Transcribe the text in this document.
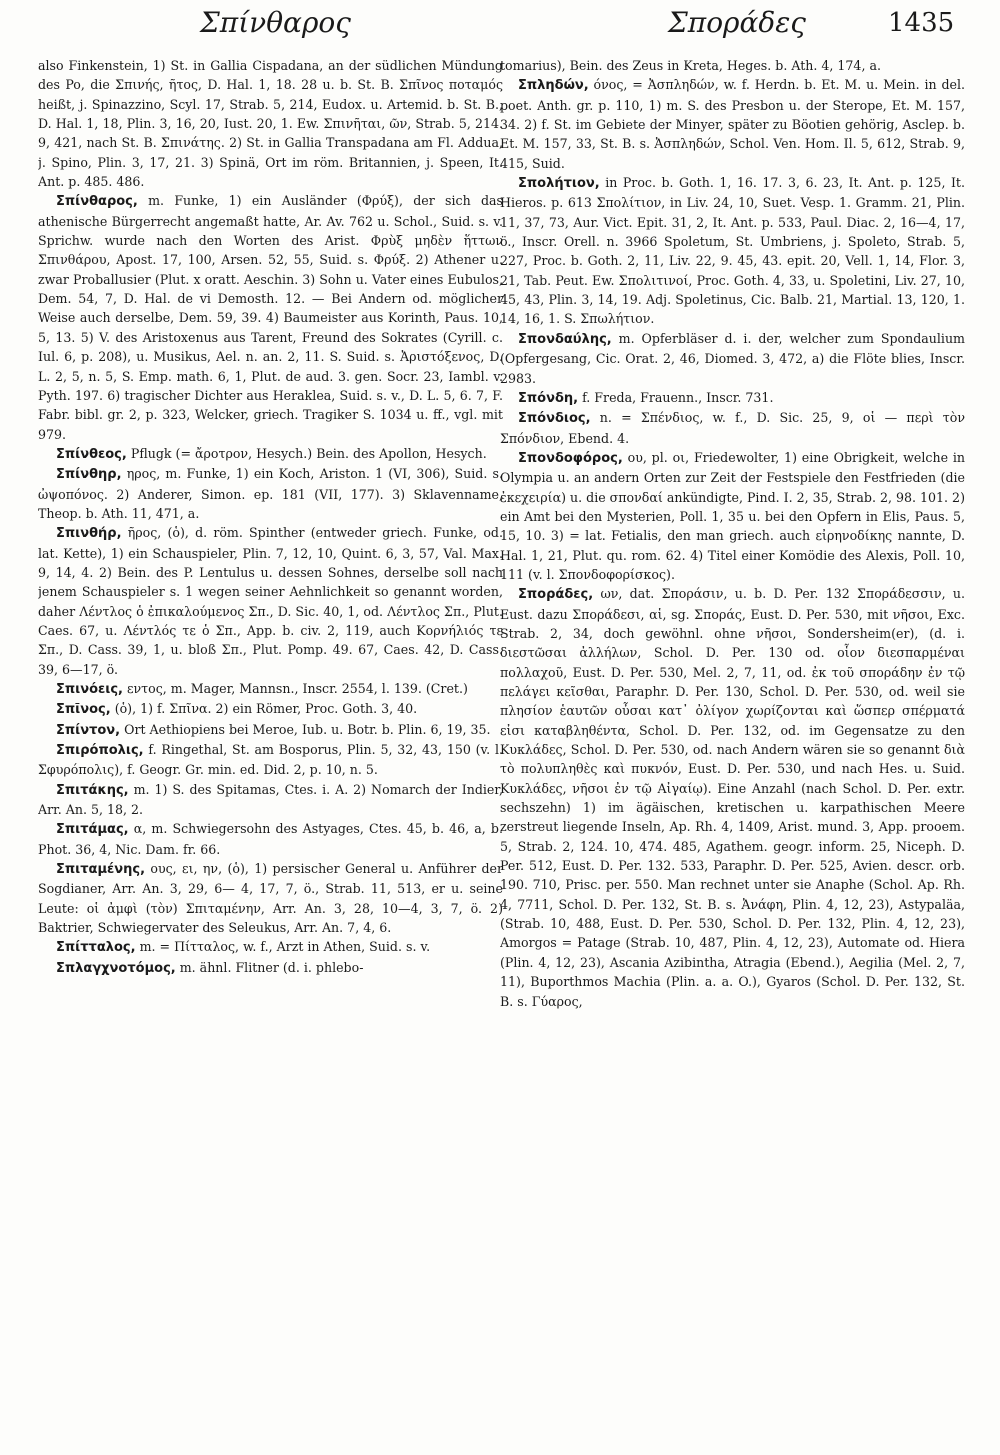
Σπίνθαρος	Σποράδες	1435

also Finkenstein, 1) St. in Gallia Cispadana, an der südlichen Mündung des Po, die Σπινής, ῆτος, D. Hal. 1, 18. 28 u. b. St. B. Σπῖνος ποταμός heißt, j. Spinazzino, Scyl. 17, Strab. 5, 214, Eudox. u. Artemid. b. St. B., D. Hal. 1, 18, Plin. 3, 16, 20, Iust. 20, 1. Ew. Σπινῆται, ῶν, Strab. 5, 214. 9, 421, nach St. B. Σπινάτης. 2) St. in Gallia Transpadana am Fl. Addua, j. Spino, Plin. 3, 17, 21. 3) Spinä, Ort im röm. Britannien, j. Speen, It. Ant. p. 485. 486.

Σπίνθαρος, m. Funke, 1) ein Ausländer (Φρύξ), der sich das athenische Bürgerrecht angemaßt hatte, Ar. Av. 762 u. Schol., Suid. s. v. Sprichw. wurde nach den Worten des Arist. Φρὺξ μηδὲν ἥττων Σπινθάρου, Apost. 17, 100, Arsen. 52, 55, Suid. s. Φρύξ. 2) Athener u. zwar Proballusier (Plut. x oratt. Aeschin. 3) Sohn u. Vater eines Eubulos, Dem. 54, 7, D. Hal. de vi Demosth. 12. — Bei Andern od. möglicher Weise auch derselbe, Dem. 59, 39. 4) Baumeister aus Korinth, Paus. 10, 5, 13. 5) V. des Aristoxenus aus Tarent, Freund des Sokrates (Cyrill. c. Iul. 6, p. 208), u. Musikus, Ael. n. an. 2, 11. S. Suid. s. Ἀριστόξενος, D. L. 2, 5, n. 5, S. Emp. math. 6, 1, Plut. de aud. 3. gen. Socr. 23, Iambl. v. Pyth. 197. 6) tragischer Dichter aus Herakleа, Suid. s. v., D. L. 5, 6. 7, F. Fabr. bibl. gr. 2, p. 323, Welcker, griech. Tragiker S. 1034 u. ff., vgl. mit 979.

Σπίνθεος, Pflugk (= ἄροτρον, Hesych.) Bein. des Apollon, Hesych.

Σπίνθηρ, ηρος, m. Funke, 1) ein Koch, Ariston. 1 (VI, 306), Suid. s. ὠψοπόνος. 2) Anderer, Simon. ep. 181 (VII, 177). 3) Sklavenname, Theop. b. Ath. 11, 471, a.

Σπινθήρ, ῆρος, (ὁ), d. röm. Spinther (entweder griech. Funke, od. lat. Kette), 1) ein Schauspieler, Plin. 7, 12, 10, Quint. 6, 3, 57, Val. Max. 9, 14, 4. 2) Bein. des P. Lentulus u. dessen Sohnes, derselbe soll nach jenem Schauspieler s. 1 wegen seiner Aehnlichkeit so genannt worden, daher Λέντλος ὁ ἐπικαλούμενος Σπ., D. Sic. 40, 1, od. Λέντλος Σπ., Plut. Caes. 67, u. Λέντλός τε ὁ Σπ., App. b. civ. 2, 119, auch Κορνήλιός τε Σπ., D. Cass. 39, 1, u. bloß Σπ., Plut. Pomp. 49. 67, Caes. 42, D. Cass. 39, 6—17, ö.

Σπινόεις, εντος, m. Mager, Mannsn., Inscr. 2554, l. 139. (Cret.)

Σπῖνος, (ὁ), 1) f. Σπῖνα. 2) ein Römer, Proc. Goth. 3, 40.

Σπίντον, Ort Aethiopiens bei Meroe, Iub. u. Botr. b. Plin. 6, 19, 35.

Σπιρόπολις, f. Ringethal, St. am Bosporus, Plin. 5, 32, 43, 150 (v. l. Σφυρόπολις), f. Geogr. Gr. min. ed. Did. 2, p. 10, n. 5.

Σπιτάκης, m. 1) S. des Spitamas, Ctes. i. A. 2) Nomarch der Indier, Arr. An. 5, 18, 2.

Σπιτάμας, α, m. Schwiegersohn des Astyages, Ctes. 45, b. 46, a, b. Phot. 36, 4, Nic. Dam. fr. 66.

Σπιταμένης, ους, ει, ην, (ὁ), 1) persischer General u. Anführer der Sogdianer, Arr. An. 3, 29, 6— 4, 17, 7, ö., Strab. 11, 513, er u. seine Leute: οἱ ἀμφὶ (τὸν) Σπιταμένην, Arr. An. 3, 28, 10—4, 3, 7, ö. 2) Baktrier, Schwiegervater des Seleukus, Arr. An. 7, 4, 6.

Σπίτταλος, m. = Πίτταλος, w. f., Arzt in Athen, Suid. s. v.

Σπλαγχνοτόμος, m. ähnl. Flitner (d. i. phlebo-

tomarius), Bein. des Zeus in Kreta, Heges. b. Ath. 4, 174, a.

Σπληδών, όνος, = Ἀσπληδών, w. f. Herdn. b. Et. M. u. Mein. in del. poet. Anth. gr. p. 110, 1) m. S. des Presbon u. der Sterope, Et. M. 157, 34. 2) f. St. im Gebiete der Minyer, später zu Böotien gehörig, Asclep. b. Et. M. 157, 33, St. B. s. Ἀσπληδών, Schol. Ven. Hom. Il. 5, 612, Strab. 9, 415, Suid.

Σπολήτιον, in Proc. b. Goth. 1, 16. 17. 3, 6. 23, It. Ant. p. 125, It. Hieros. p. 613 Σπολίτιον, in Liv. 24, 10, Suet. Vesp. 1. Gramm. 21, Plin. 11, 37, 73, Aur. Vict. Epit. 31, 2, It. Ant. p. 533, Paul. Diac. 2, 16—4, 17, ö., Inscr. Orell. n. 3966 Spoletum, St. Umbriens, j. Spoleto, Strab. 5, 227, Proc. b. Goth. 2, 11, Liv. 22, 9. 45, 43. epit. 20, Vell. 1, 14, Flor. 3, 21, Tab. Peut. Ew. Σπολιτινοί, Proc. Goth. 4, 33, u. Spoletini, Liv. 27, 10, 45, 43, Plin. 3, 14, 19. Adj. Spoletinus, Cic. Balb. 21, Martial. 13, 120, 1. 14, 16, 1. S. Σπωλήτιον.

Σπονδαύλης, m. Opferbläser d. i. der, welcher zum Spondaulium (Opfergesang, Cic. Orat. 2, 46, Diomed. 3, 472, a) die Flöte blies, Inscr. 2983.

Σπόνδη, f. Freda, Frauenn., Inscr. 731.

Σπόνδιος, n. = Σπένδιος, w. f., D. Sic. 25, 9, οἱ — περὶ τὸν Σπόνδιον, Ebend. 4.

Σπονδοφόρος, ου, pl. οι, Friedewolter, 1) eine Obrigkeit, welche in Olympia u. an andern Orten zur Zeit der Festspiele den Festfrieden (die ἐκεχειρία) u. die σπονδαί ankündigte, Pind. I. 2, 35, Strab. 2, 98. 101. 2) ein Amt bei den Mysterien, Poll. 1, 35 u. bei den Opfern in Elis, Paus. 5, 15, 10. 3) = lat. Fetialis, den man griech. auch εἰρηνοδίκης nannte, D. Hal. 1, 21, Plut. qu. rom. 62. 4) Titel einer Komödie des Alexis, Poll. 10, 111 (v. l. Σπονδοφορίσκος).

Σποράδες, ων, dat. Σποράσιν, u. b. D. Per. 132 Σποράδεσσιν, u. Eust. dazu Σποράδεσι, αἱ, sg. Σποράς, Eust. D. Per. 530, mit νῆσοι, Exc. Strab. 2, 34, doch gewöhnl. ohne νῆσοι, Sondersheim(er), (d. i. διεστῶσαι ἀλλήλων, Schol. D. Per. 130 od. οἷον διεσπαρμέναι πολλαχοῦ, Eust. D. Per. 530, Mel. 2, 7, 11, od. ἐκ τοῦ σποράδην ἐν τῷ πελάγει κεῖσθαι, Paraphr. D. Per. 130, Schol. D. Per. 530, od. weil sie πλησίον ἑαυτῶν οὖσαι κατ᾽ ὀλίγον χωρίζονται καὶ ὥσπερ σπέρματά εἰσι καταβληθέντα, Schol. D. Per. 132, od. im Gegensatze zu den Κυκλάδες, Schol. D. Per. 530, od. nach Andern wären sie so genannt διὰ τὸ πολυπληθὲς καὶ πυκνόν, Eust. D. Per. 530, und nach Hes. u. Suid. Κυκλάδες, νῆσοι ἐν τῷ Αἰγαίῳ). Eine Anzahl (nach Schol. D. Per. extr. sechszehn) 1) im ägäischen, kretischen u. karpathischen Meere zerstreut liegende Inseln, Ap. Rh. 4, 1409, Arist. mund. 3, App. prooem. 5, Strab. 2, 124. 10, 474. 485, Agathem. geogr. inform. 25, Niceph. D. Per. 512, Eust. D. Per. 132. 533, Paraphr. D. Per. 525, Avien. descr. orb. 190. 710, Prisc. per. 550. Man rechnet unter sie Anaphe (Schol. Ap. Rh. 4, 7711, Schol. D. Per. 132, St. B. s. Ἀνάφη, Plin. 4, 12, 23), Astypaläa, (Strab. 10, 488, Eust. D. Per. 530, Schol. D. Per. 132, Plin. 4, 12, 23), Amorgos = Patage (Strab. 10, 487, Plin. 4, 12, 23), Automate od. Hiera (Plin. 4, 12, 23), Ascania Azibintha, Atragia (Ebend.), Aegilia (Mel. 2, 7, 11), Buporthmos Machia (Plin. a. a. O.), Gyaros (Schol. D. Per. 132, St. B. s. Γύαρος,
